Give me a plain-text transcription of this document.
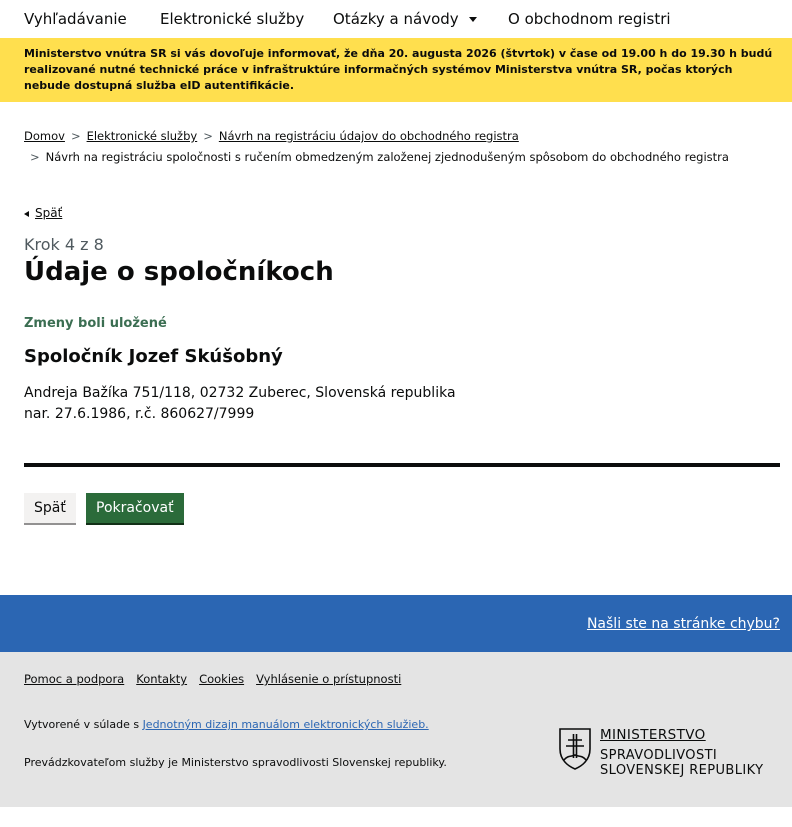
Vyhľadávanie Elektronické služby Otázky a návody	O obchodnom registri

Ministerstvo vnútra SR si vás dovoľuje informovať, že dňa 20. augusta 2026 (štvrtok) v čase od 19.00 h do 19.30 h budú realizované nutné technické práce v infraštruktúre informačných systémov Ministerstva vnútra SR, počas ktorých nebude dostupná služba eID autentifikácie.

Domov > Elektronické služby > Návrh na registráciu údajov do obchodného registra
> Návrh na registráciu spoločnosti s ručením obmedzeným založenej zjednodušeným spôsobom do obchodného registra
Späť
Krok 4 z 8
Údaje o spoločníkoch
Zmeny boli uložené
Spoločník Jozef Skúšobný
Andreja Bažíka 751/118, 02732 Zuberec, Slovenská republika
nar. 27.6.1986, r.č. 860627/7999
Späť	Pokračovať
Našli ste na stránke chybu?
Pomoc a podpora Kontakty Cookies Vyhlásenie o prístupnosti
Vytvorené v súlade s Jednotným dizajn manuálom elektronických služieb.
Prevádzkovateľom služby je Ministerstvo spravodlivosti Slovenskej republiky.
MINISTERSTVO
SPRAVODLIVOSTI
SLOVENSKEJ REPUBLIKY
